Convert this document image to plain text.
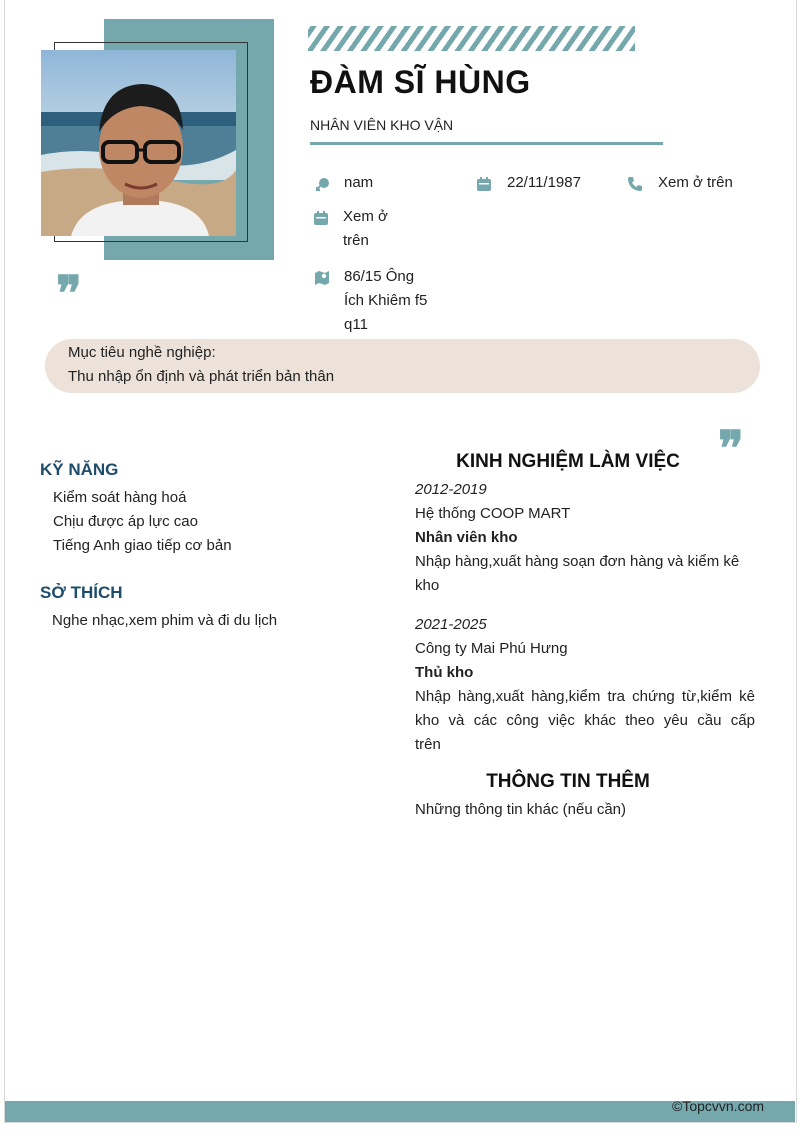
❞
❞
ĐÀM SĨ HÙNG
NHÂN VIÊN KHO VẬN
nam	22/11/1987	Xem ở trên
Xem ở
trên
86/15 Ông
Ích Khiêm f5
q11
Mục tiêu nghề nghiệp:
Thu nhập ổn định và phát triển bản thân
KỸ NĂNG
Kiểm soát hàng hoá
Chịu được áp lực cao
Tiếng Anh giao tiếp cơ bản
SỞ THÍCH
Nghe nhạc,xem phim và đi du lịch
KINH NGHIỆM LÀM VIỆC
2012-2019
Hệ thống COOP MART
Nhân viên kho
Nhập hàng,xuất hàng soạn đơn hàng và kiểm kê
kho
2021-2025
Công ty Mai Phú Hưng
Thủ kho
Nhập hàng,xuất hàng,kiểm tra chứng từ,kiểm kê
kho và các công việc khác theo yêu cầu cấp
trên
THÔNG TIN THÊM
Những thông tin khác (nếu cần)
©Topcvvn.com
